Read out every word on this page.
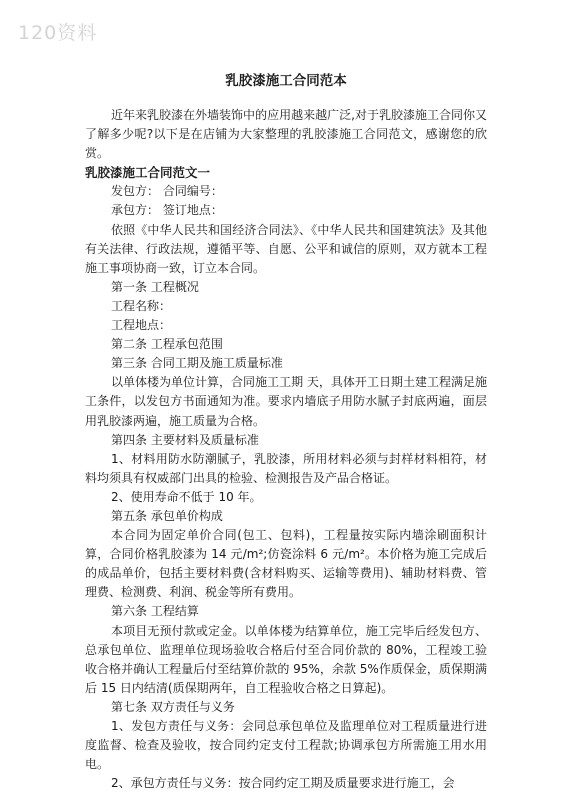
120资料
乳胶漆施工合同范本

近年来乳胶漆在外墙装饰中的应用越来越广泛,对于乳胶漆施工合同你又了解多少呢?以下是在店铺为大家整理的乳胶漆施工合同范文，感谢您的欣赏。

乳胶漆施工合同范文一

发包方： 合同编号：

承包方： 签订地点：

依照《中华人民共和国经济合同法》、《中华人民共和国建筑法》及其他有关法律、行政法规，遵循平等、自愿、公平和诚信的原则，双方就本工程施工事项协商一致，订立本合同。

第一条 工程概况

工程名称：

工程地点：

第二条 工程承包范围

第三条 合同工期及施工质量标准

以单体楼为单位计算，合同施工工期 天，具体开工日期土建工程满足施工条件，以发包方书面通知为准。要求内墙底子用防水腻子封底两遍，面层用乳胶漆两遍，施工质量为合格。

第四条 主要材料及质量标准

1、材料用防水防潮腻子，乳胶漆，所用材料必须与封样材料相符，材料均须具有权威部门出具的检验、检测报告及产品合格证。

2、使用寿命不低于 10 年。

第五条 承包单价构成

本合同为固定单价合同(包工、包料)，工程量按实际内墙涂刷面积计算，合同价格乳胶漆为 14 元/m²;仿瓷涂料 6 元/m²。本价格为施工完成后的成品单价，包括主要材料费(含材料购买、运输等费用)、辅助材料费、管理费、检测费、利润、税金等所有费用。

第六条 工程结算

本项目无预付款或定金。以单体楼为结算单位，施工完毕后经发包方、总承包单位、监理单位现场验收合格后付至合同价款的 80%，工程竣工验收合格并确认工程量后付至结算价款的 95%，余款 5%作质保金，质保期满后 15 日内结清(质保期两年，自工程验收合格之日算起)。

第七条 双方责任与义务

1、发包方责任与义务：会同总承包单位及监理单位对工程质量进行进度监督、检查及验收，按合同约定支付工程款;协调承包方所需施工用水用电。

2、承包方责任与义务：按合同约定工期及质量要求进行施工，会
